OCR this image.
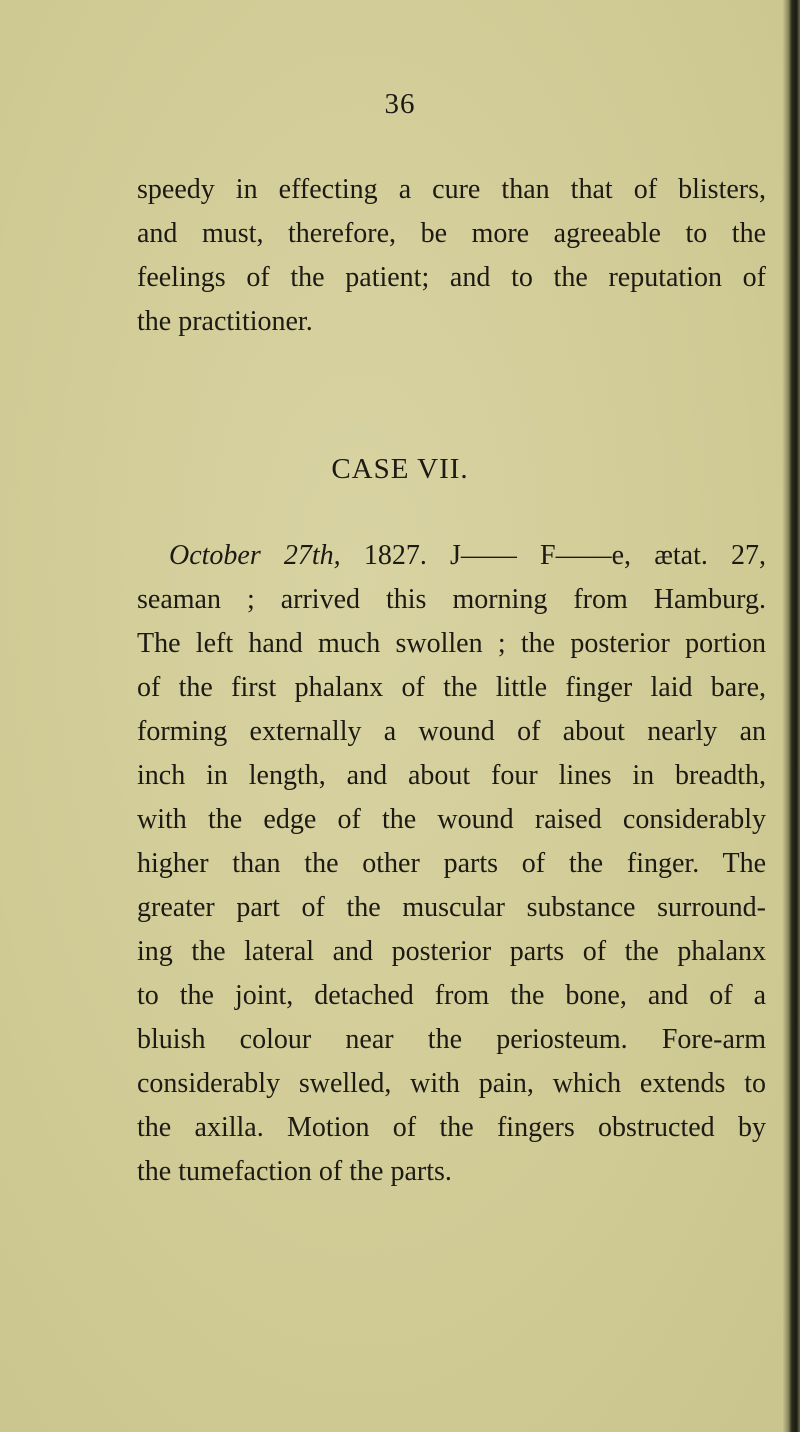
36
speedy in effecting a cure than that of blisters,
and must, therefore, be more agreeable to the
feelings of the patient; and to the reputation of
the practitioner.
CASE VII.
October 27th, 1827. J—— F——e, ætat. 27,
seaman ; arrived this morning from Hamburg.
The left hand much swollen ; the posterior portion
of the first phalanx of the little finger laid bare,
forming externally a wound of about nearly an
inch in length, and about four lines in breadth,
with the edge of the wound raised considerably
higher than the other parts of the finger. The
greater part of the muscular substance surround-
ing the lateral and posterior parts of the phalanx
to the joint, detached from the bone, and of a
bluish colour near the periosteum. Fore-arm
considerably swelled, with pain, which extends to
the axilla. Motion of the fingers obstructed by
the tumefaction of the parts.
